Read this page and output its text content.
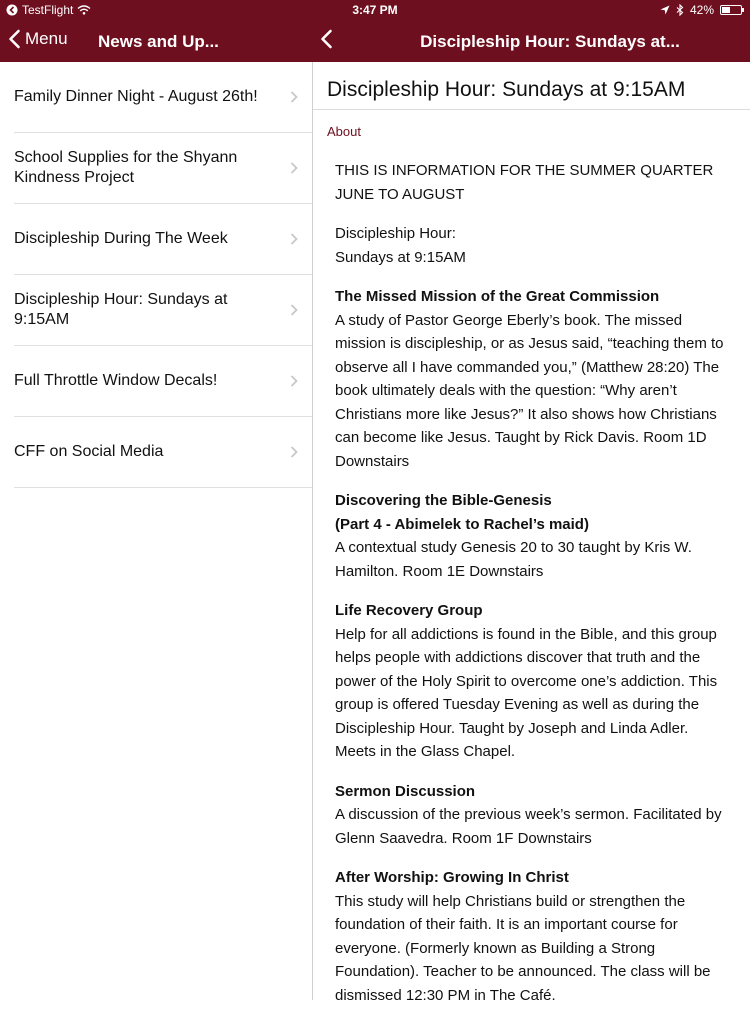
TestFlight	3:47 PM	42%
Menu News and Up...	Discipleship Hour: Sundays at...
Family Dinner Night - August 26th!
School Supplies for the Shyann Kindness Project
Discipleship During The Week
Discipleship Hour: Sundays at 9:15AM
Full Throttle Window Decals!
CFF on Social Media
Discipleship Hour: Sundays at 9:15AM
About

THIS IS INFORMATION FOR THE SUMMER QUARTER JUNE TO AUGUST

Discipleship Hour:
Sundays at 9:15AM

The Missed Mission of the Great Commission
A study of Pastor George Eberly’s book. The missed mission is discipleship, or as Jesus said, “teaching them to observe all I have commanded you,” (Matthew 28:20) The book ultimately deals with the question: “Why aren’t Christians more like Jesus?” It also shows how Christians can become like Jesus. Taught by Rick Davis. Room 1D Downstairs

Discovering the Bible-Genesis
(Part 4 - Abimelek to Rachel’s maid)
A contextual study Genesis 20 to 30 taught by Kris W. Hamilton. Room 1E Downstairs

Life Recovery Group
Help for all addictions is found in the Bible, and this group helps people with addictions discover that truth and the power of the Holy Spirit to overcome one’s addiction. This group is offered Tuesday Evening as well as during the Discipleship Hour. Taught by Joseph and Linda Adler. Meets in the Glass Chapel.

Sermon Discussion
A discussion of the previous week’s sermon. Facilitated by Glenn Saavedra. Room 1F Downstairs

After Worship: Growing In Christ
This study will help Christians build or strengthen the foundation of their faith. It is an important course for everyone. (Formerly known as Building a Strong Foundation). Teacher to be announced. The class will be dismissed 12:30 PM in The Café.
